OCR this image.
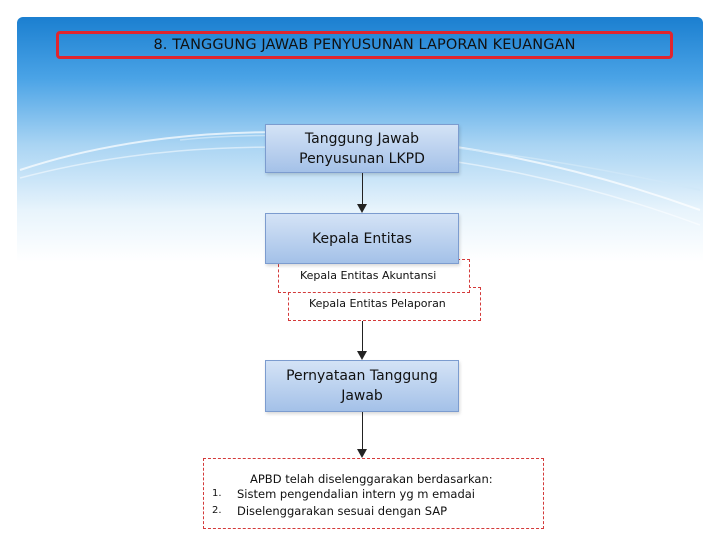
8. TANGGUNG JAWAB PENYUSUNAN LAPORAN KEUANGAN
Tanggung Jawab
Penyusunan LKPD
Kepala Entitas Pelaporan
Kepala Entitas Akuntansi
Kepala Entitas
Pernyataan Tanggung
Jawab
APBD telah diselenggarakan berdasarkan:
1. Sistem pengendalian intern yg m emadai
2. Diselenggarakan sesuai dengan SAP
